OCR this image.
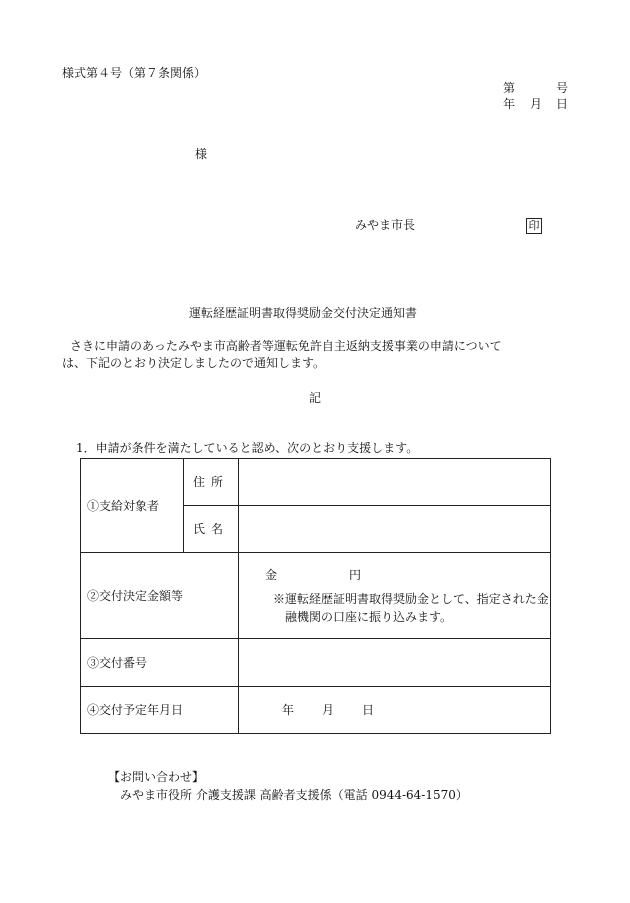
様式第４号（第７条関係）
第	号
年 月 日
様
みやま市長	印
運転経歴証明書取得奨励金交付決定通知書
さきに申請のあったみやま市高齢者等運転免許自主返納支援事業の申請について
は、下記のとおり決定しましたので通知します。
記
1．申請が条件を満たしていると認め、次のとおり支援します。
①支給対象者	住所	
	氏名	
②交付決定金額等		金 円
※運転経歴証明書取得奨励金として、指定された金融機関の口座に振り込みます。

③交付番号		
④交付予定年月日		年 月 日
【お問い合わせ】
みやま市役所 介護支援課 高齢者支援係（電話 0944-64-1570）
